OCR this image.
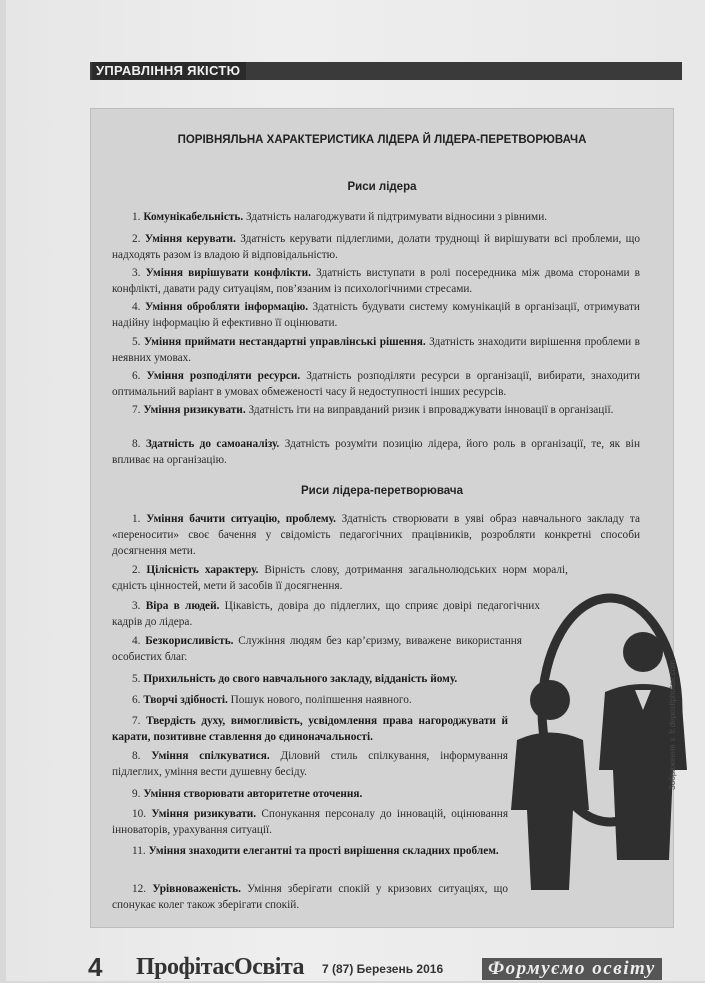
УПРАВЛІННЯ ЯКІСТЮ
ПОРІВНЯЛЬНА ХАРАКТЕРИСТИКА ЛІДЕРА Й ЛІДЕРА-ПЕРЕТВОРЮВАЧА
Риси лідера

1. Комунікабельність. Здатність налагоджувати й підтримувати відносини з рівними.

2. Уміння керувати. Здатність керувати підлеглими, долати труднощі й вирішувати всі проблеми, що надходять разом із владою й відповідальністю.

3. Уміння вирішувати конфлікти. Здатність виступати в ролі посередника між двома сторонами в конфлікті, давати раду ситуаціям, пов’язаним із психологічними стресами.

4. Уміння обробляти інформацію. Здатність будувати систему комунікацій в організації, отримувати надійну інформацію й ефективно її оцінювати.

5. Уміння приймати нестандартні управлінські рішення. Здатність знаходити вирішення проблеми в неявних умовах.

6. Уміння розподіляти ресурси. Здатність розподіляти ресурси в організації, вибирати, знаходити оптимальний варіант в умовах обмеженості часу й недоступності інших ресурсів.

7. Уміння ризикувати. Здатність іти на виправданий ризик і впроваджувати інновації в організації.

8. Здатність до самоаналізу. Здатність розуміти позицію лідера, його роль в організації, те, як він впливає на організацію.

Риси лідера-перетворювача

1. Уміння бачити ситуацію, проблему. Здатність створювати в уяві образ навчального закладу та «переносити» своє бачення у свідомість педагогічних працівників, розробляти конкретні способи досягнення мети.

2. Цілісність характеру. Вірність слову, дотримання загальнолюдських норм моралі, єдність цінностей, мети й засобів її досягнення.

3. Віра в людей. Цікавість, довіра до підлеглих, що сприяє довірі педагогічних кадрів до лідера.

4. Безкорисливість. Служіння людям без кар’єризму, виважене використання особистих благ.

5. Прихильність до свого навчального закладу, відданість йому.

6. Творчі здібності. Пошук нового, поліпшення наявного.

7. Твердість духу, вимогливість, усвідомлення права нагороджувати й карати, позитивне ставлення до єдиноначальності.

8. Уміння спілкуватися. Діловий стиль спілкування, інформування підлеглих, уміння вести душевну бесіду.

9. Уміння створювати авторитетне оточення.

10. Уміння ризикувати. Спонукання персоналу до інновацій, оцінювання інноваторів, урахування ситуації.

11. Уміння знаходити елегантні та прості вирішення складних проблем.

12. Урівноваженість. Уміння зберігати спокій у кризових ситуаціях, що спонукає колег також зберігати спокій.

Зображення з: fr.depositphotos.com
4 ПрофітасОсвіта 7 (87) Березень 2016	Формуємо освіту
